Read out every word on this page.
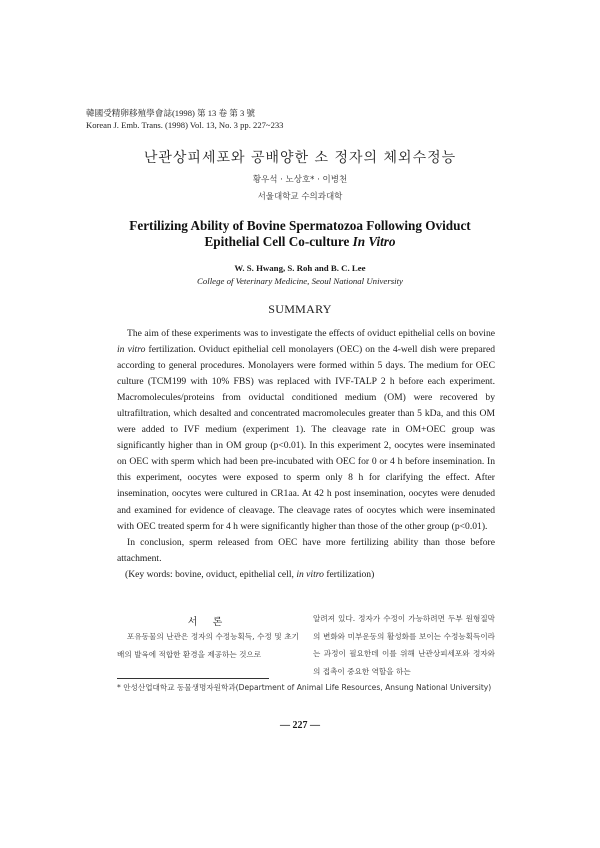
韓國受精卵移殖學會誌(1998) 第 13 卷 第 3 號
Korean J. Emb. Trans. (1998) Vol. 13, No. 3 pp. 227~233
난관상피세포와 공배양한 소 정자의 체외수정능
황우석 · 노상호* · 이병천
서울대학교 수의과대학
Fertilizing Ability of Bovine Spermatozoa Following Oviduct
Epithelial Cell Co-culture In Vitro
W. S. Hwang, S. Roh and B. C. Lee
College of Veterinary Medicine, Seoul National University
SUMMARY

The aim of these experiments was to investigate the effects of oviduct epithelial cells on bovine in vitro fertilization. Oviduct epithelial cell monolayers (OEC) on the 4-well dish were prepared according to general procedures. Monolayers were formed within 5 days. The medium for OEC culture (TCM199 with 10% FBS) was replaced with IVF-TALP 2 h before each experiment. Macromolecules/proteins from oviductal conditioned medium (OM) were recovered by ultrafiltration, which desalted and concentrated macromolecules greater than 5 kDa, and this OM were added to IVF medium (experiment 1). The cleavage rate in OM+OEC group was significantly higher than in OM group (p<0.01). In this experiment 2, oocytes were inseminated on OEC with sperm which had been pre-incubated with OEC for 0 or 4 h before insemination. In this experiment, oocytes were exposed to sperm only 8 h for clarifying the effect. After insemination, oocytes were cultured in CR1aa. At 42 h post insemination, oocytes were denuded and examined for evidence of cleavage. The cleavage rates of oocytes which were inseminated with OEC treated sperm for 4 h were significantly higher than those of the other group (p<0.01).

In conclusion, sperm released from OEC have more fertilizing ability than those before attachment.

(Key words: bovine, oviduct, epithelial cell, in vitro fertilization)

서 론

포유동물의 난관은 정자의 수정능획득, 수정 및 초기배의 발육에 적합한 환경을 제공하는 것으로

알려져 있다. 정자가 수정이 가능하려면 두부 원형질막의 변화와 미부운동의 활성화를 보이는 수정능획득이라는 과정이 필요한데 이를 위해 난관상피세포와 정자와의 접촉이 중요한 역할을 하는

* 안성산업대학교 동물생명자원학과(Department of Animal Life Resources, Ansung National University)
— 227 —
